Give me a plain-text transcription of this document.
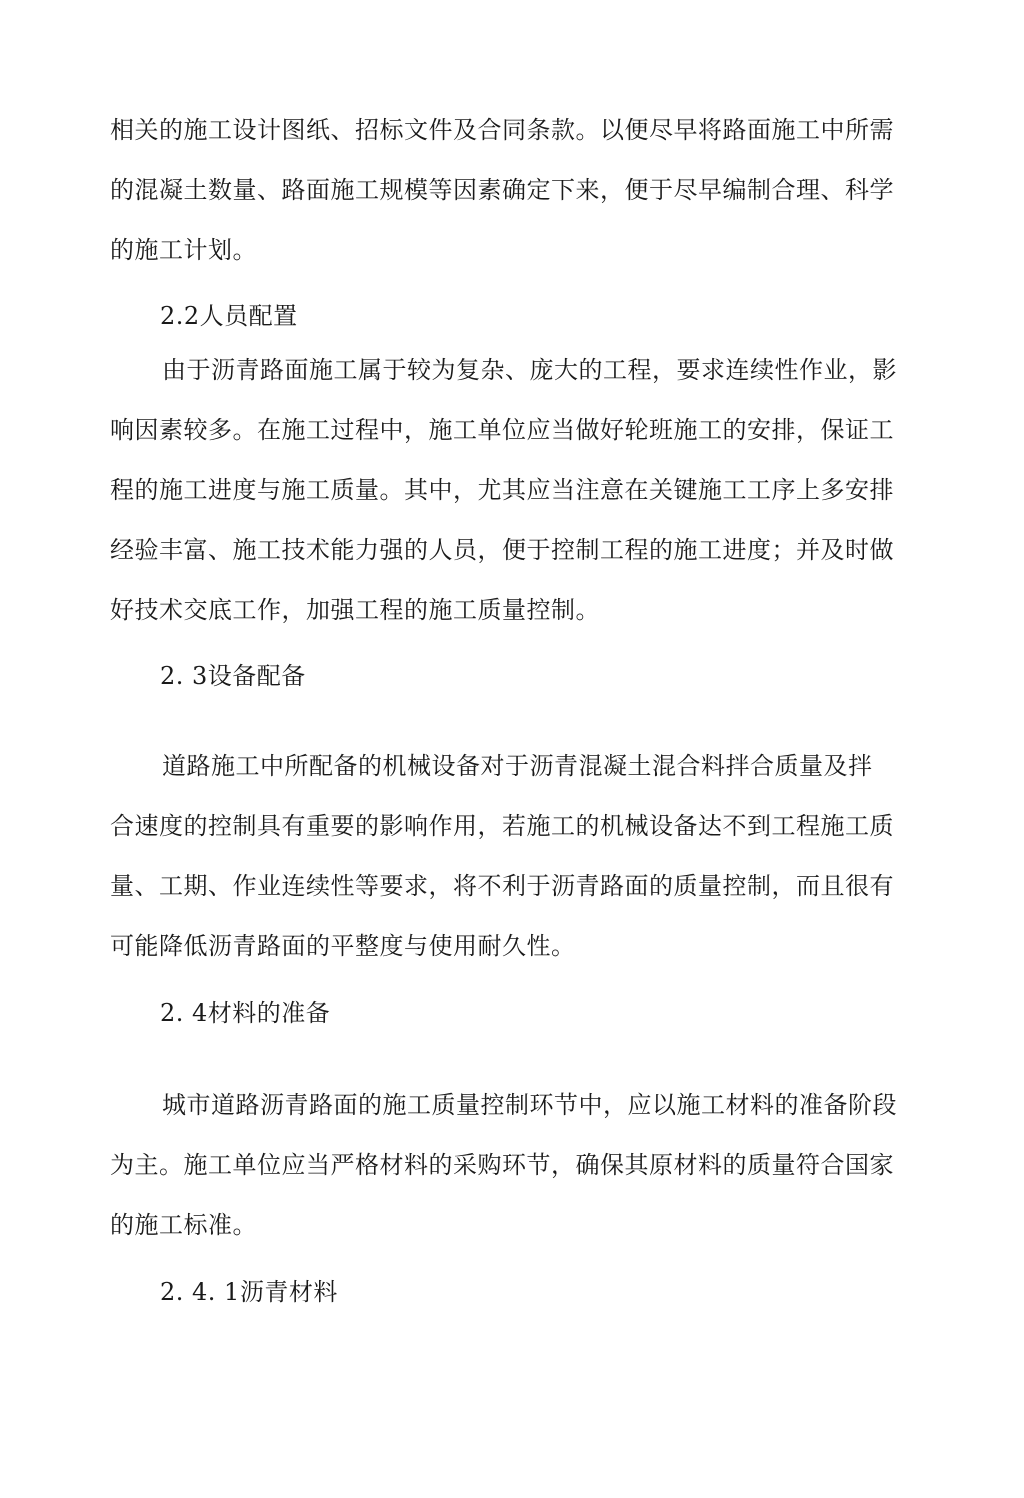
相关的施工设计图纸、招标文件及合同条款。以便尽早将路面施工中所需
的混凝土数量、路面施工规模等因素确定下来，便于尽早编制合理、科学
的施工计划。
2.2人员配置
由于沥青路面施工属于较为复杂、庞大的工程，要求连续性作业，影
响因素较多。在施工过程中，施工单位应当做好轮班施工的安排，保证工
程的施工进度与施工质量。其中，尤其应当注意在关键施工工序上多安排
经验丰富、施工技术能力强的人员，便于控制工程的施工进度；并及时做
好技术交底工作，加强工程的施工质量控制。
2. 3设备配备
道路施工中所配备的机械设备对于沥青混凝土混合料拌合质量及拌
合速度的控制具有重要的影响作用，若施工的机械设备达不到工程施工质
量、工期、作业连续性等要求，将不利于沥青路面的质量控制，而且很有
可能降低沥青路面的平整度与使用耐久性。
2. 4材料的准备
城市道路沥青路面的施工质量控制环节中，应以施工材料的准备阶段
为主。施工单位应当严格材料的采购环节，确保其原材料的质量符合国家
的施工标准。
2. 4. 1沥青材料
